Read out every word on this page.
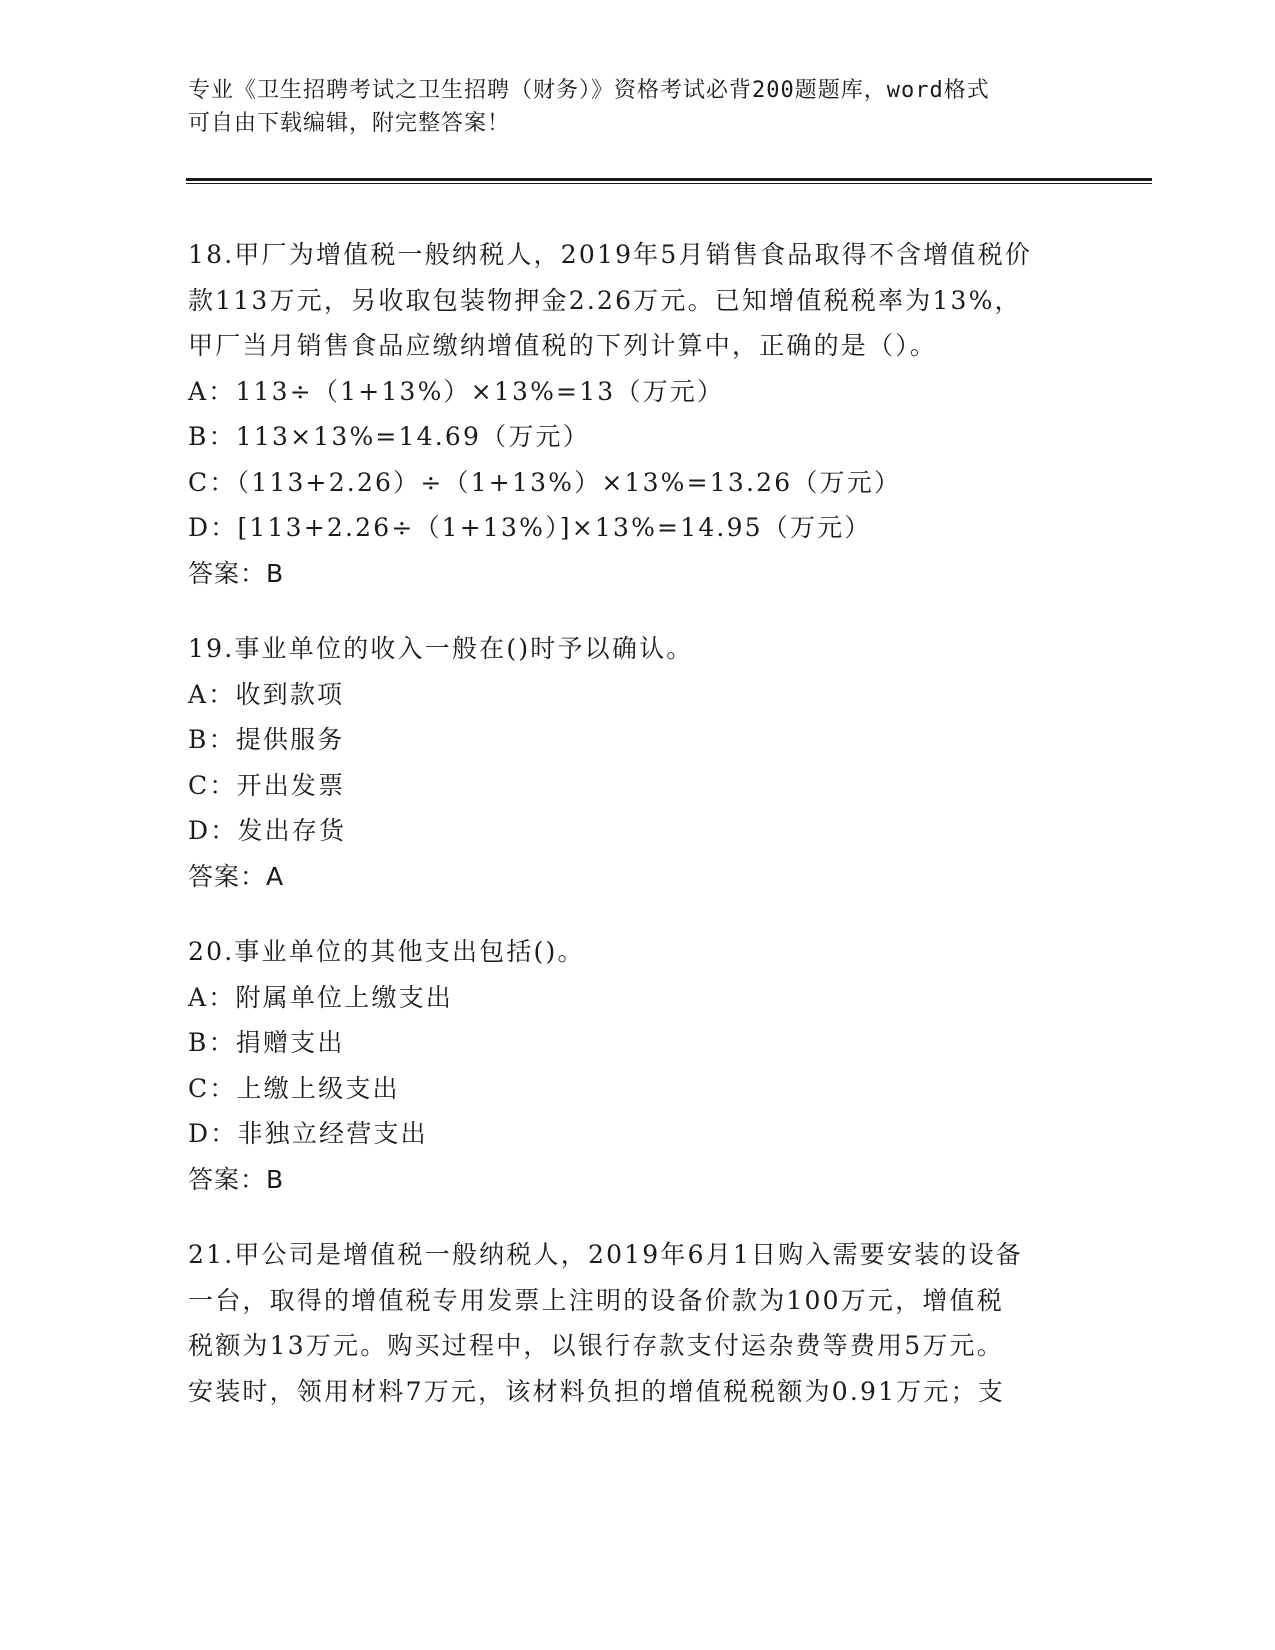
专业《卫生招聘考试之卫生招聘（财务）》资格考试必背200题题库，word格式
可自由下载编辑，附完整答案！
18.甲厂为增值税一般纳税人，2019年5月销售食品取得不含增值税价
款113万元，另收取包装物押金2.26万元。已知增值税税率为13%，
甲厂当月销售食品应缴纳增值税的下列计算中，正确的是（）。
A：113÷（1+13%）×13%=13（万元）
B：113×13%=14.69（万元）
C：（113+2.26）÷（1+13%）×13%=13.26（万元）
D：[113+2.26÷（1+13%）]×13%=14.95（万元）
答案：B
19.事业单位的收入一般在()时予以确认。
A：收到款项
B：提供服务
C：开出发票
D：发出存货
答案：A
20.事业单位的其他支出包括()。
A：附属单位上缴支出
B：捐赠支出
C：上缴上级支出
D：非独立经营支出
答案：B
21.甲公司是增值税一般纳税人，2019年6月1日购入需要安装的设备
一台，取得的增值税专用发票上注明的设备价款为100万元，增值税
税额为13万元。购买过程中，以银行存款支付运杂费等费用5万元。
安装时，领用材料7万元，该材料负担的增值税税额为0.91万元；支
